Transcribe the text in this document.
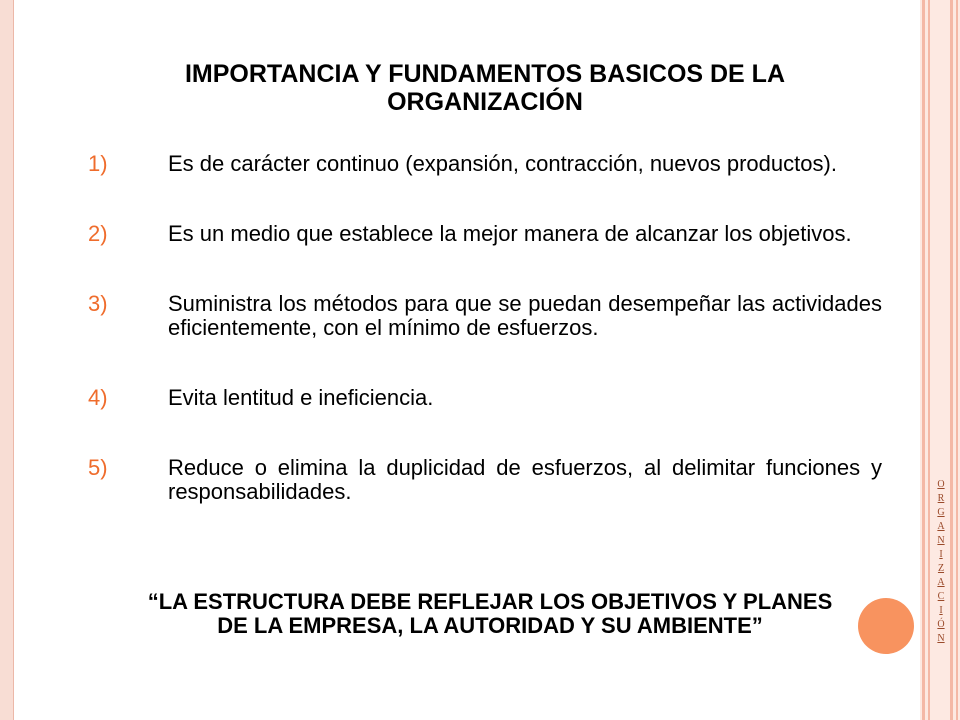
O
R
G
A
N
I
Z
A
C
I
Ó
N
IMPORTANCIA Y FUNDAMENTOS BASICOS DE LA ORGANIZACIÓN
1)	Es de carácter continuo (expansión, contracción, nuevos productos).
2)	Es un medio que establece la mejor manera de alcanzar los objetivos.
3)	Suministra los métodos para que se puedan desempeñar las actividades eficientemente, con el mínimo de esfuerzos.
4)	Evita lentitud e ineficiencia.
5)	Reduce o elimina la duplicidad de esfuerzos, al delimitar funciones y responsabilidades.

“LA ESTRUCTURA DEBE REFLEJAR LOS OBJETIVOS Y PLANES DE LA EMPRESA, LA AUTORIDAD Y SU AMBIENTE”
